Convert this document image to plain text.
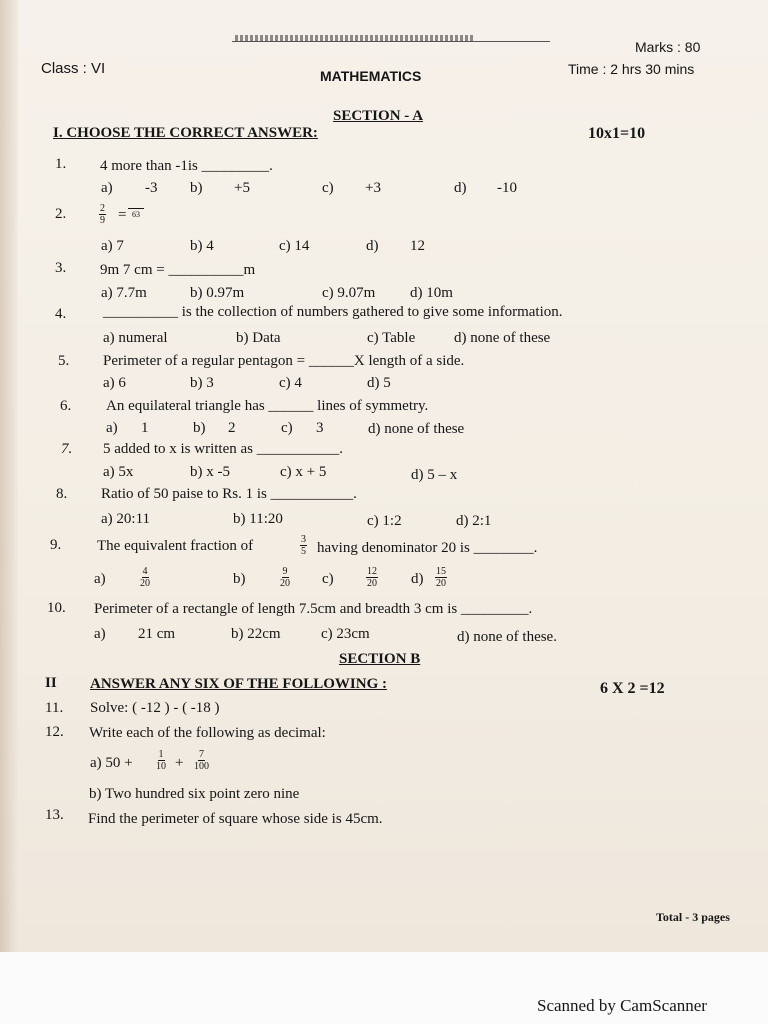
Class : VI	MATHEMATICS
Marks : 80
Time : 2 hrs 30 mins
SECTION - A
I. CHOOSE THE CORRECT ANSWER:	10x1=10
1. 4 more than -1is _________.
a) -3 b) +5	c) +3	d) -10
2.	$\frac{2}{9} = 63$
a) 7	b) 4	c) 14	d) 12
3. 9m 7 cm = __________m
a) 7.7m	b) 0.97m	c) 9.07m d) 10m
4. __________ is the collection of numbers gathered to give some information.
a) numeral	b) Data	c) Table	d) none of these
5. Perimeter of a regular pentagon = ______X length of a side.
a) 6	b) 3	c) 4	d) 5
6. An equilateral triangle has ______ lines of symmetry.
a) 1	b) 2	c) 3	d) none of these
7. 5 added to x is written as ___________.
a) 5x	b) x -5	c) x + 5	d) 5 – x
8. Ratio of 50 paise to Rs. 1 is ___________.
a) 20:11	b) 11:20	c) 1:2	d) 2:1
9. The equivalent fraction of	$\frac{3}{5}$ having denominator 20 is ________.
a)	$\frac{4}{20}$	b)	$\frac{9}{20} c$)	$\frac{12}{20} d) \frac{15}{20}$
10. Perimeter of a rectangle of length 7.5cm and breadth 3 cm is _________.
a) 21 cm	b) 22cm	c) 23cm	d) none of these.
SECTION B
II ANSWER ANY SIX OF THE FOLLOWING :	6 X 2 =12
11. Solve: ( -12 ) - ( -18 )
12. Write each of the following as decimal:
a) $50 + \frac{1}{10} + \frac{7}{100}$
b) Two hundred six point zero nine
13. Find the perimeter of square whose side is 45cm.
Total - 3 pages
Scanned by CamScanner
